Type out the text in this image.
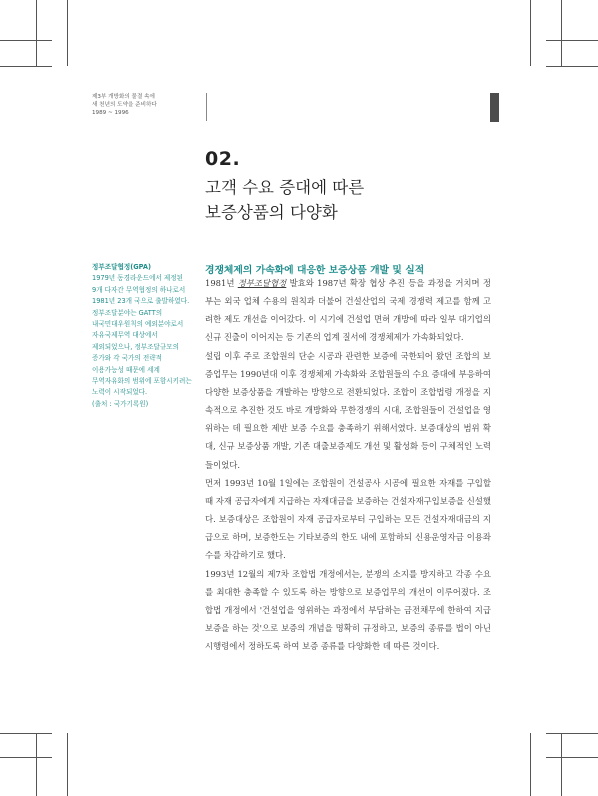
제3부 개방화의 물결 속에
새 천년의 도약을 준비하다
1989 ~ 1996
02.
고객 수요 증대에 따른
보증상품의 다양화
정부조달협정(GPA)
1979년 동경라운드에서 제정된 9개 다자간 무역협정의 하나로서 1981년 23개 국으로 출발하였다. 정부조달분야는 GATT의 내국민대우원칙의 예외분야로서 자유국제무역 대상에서 제외되었으나, 정부조달규모의 증가와 각 국가의 전략적 이용가능성 때문에 세계 무역자유화의 범위에 포함시키려는 노력이 시작되었다.
(출처 : 국가기록원)
경쟁체제의 가속화에 대응한 보증상품 개발 및 실적

1981년 정부조달협정 발효와 1987년 확장 협상 추진 등을 과정을 거치며 정부는 외국 업체 수용의 원칙과 더불어 건설산업의 국제 경쟁력 제고를 함께 고려한 제도 개선을 이어갔다. 이 시기에 건설업 면허 개방에 따라 일부 대기업의 신규 진출이 이어지는 등 기존의 업계 질서에 경쟁체제가 가속화되었다.

설립 이후 주로 조합원의 단순 시공과 관련한 보증에 국한되어 왔던 조합의 보증업무는 1990년대 이후 경쟁체제 가속화와 조합원들의 수요 증대에 부응하여 다양한 보증상품을 개발하는 방향으로 전환되었다. 조합이 조합법령 개정을 지속적으로 추진한 것도 바로 개방화와 무한경쟁의 시대, 조합원들이 건설업을 영위하는 데 필요한 제반 보증 수요를 충족하기 위해서였다. 보증대상의 범위 확대, 신규 보증상품 개발, 기존 대출보증제도 개선 및 활성화 등이 구체적인 노력들이었다.

먼저 1993년 10월 1일에는 조합원이 건설공사 시공에 필요한 자재를 구입할 때 자재 공급자에게 지급하는 자재대금을 보증하는 건설자재구입보증을 신설했다. 보증대상은 조합원이 자재 공급자로부터 구입하는 모든 건설자재대금의 지급으로 하며, 보증한도는 기타보증의 한도 내에 포함하되 신용운영자금 이용좌수를 차감하기로 했다.

1993년 12월의 제7차 조합법 개정에서는, 분쟁의 소지를 방지하고 각종 수요를 최대한 충족할 수 있도록 하는 방향으로 보증업무의 개선이 이루어졌다. 조합법 개정에서 '건설업을 영위하는 과정에서 부담하는 금전채무에 한하여 지급보증을 하는 것'으로 보증의 개념을 명확히 규정하고, 보증의 종류를 법이 아닌 시행령에서 정하도록 하여 보증 종류를 다양화한 데 따른 것이다.
